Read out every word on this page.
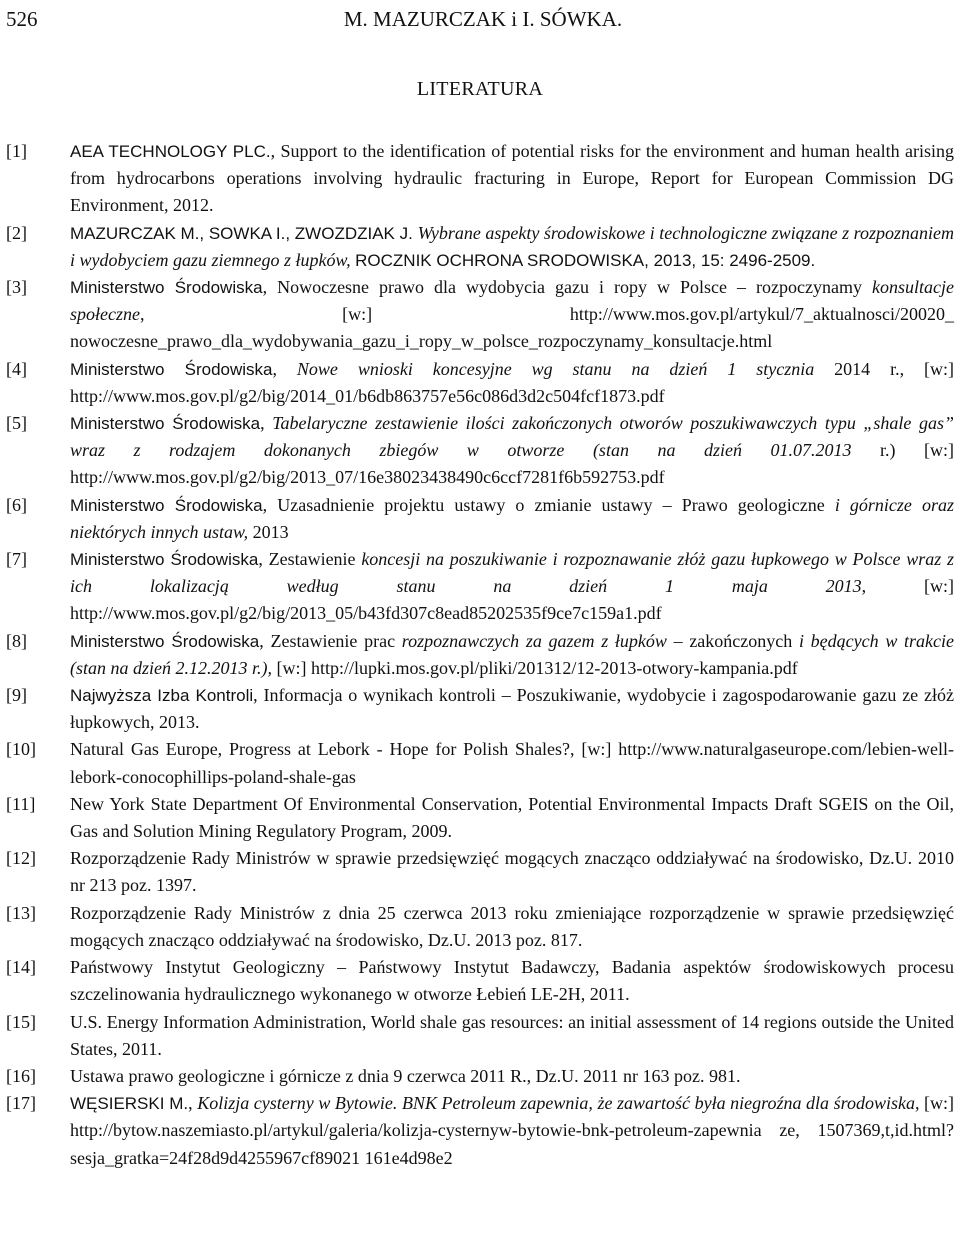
526	M. MAZURCZAK i I. SÓWKA.
LITERATURA
[1]	AEA TECHNOLOGY PLC., Support to the identification of potential risks for the environment and human health arising from hydrocarbons operations involving hydraulic fracturing in Europe, Report for European Commission DG Environment, 2012.
[2]	MAZURCZAK M., SOWKA I., ZWOZDZIAK J. Wybrane aspekty środowiskowe i technologiczne związane z rozpoznaniem i wydobyciem gazu ziemnego z łupków, ROCZNIK OCHRONA SRODOWISKA, 2013, 15: 2496-2509.
[3]	Ministerstwo Środowiska, Nowoczesne prawo dla wydobycia gazu i ropy w Polsce – rozpoczynamy konsultacje społeczne, [w:] http://www.mos.gov.pl/artykul/7_aktualnosci/20020_ nowoczesne_prawo_dla_wydobywania_gazu_i_ropy_w_polsce_rozpoczynamy_konsultacje.html
[4]	Ministerstwo Środowiska, Nowe wnioski koncesyjne wg stanu na dzień 1 stycznia 2014 r., [w:] http://www.mos.gov.pl/g2/big/2014_01/b6db863757e56c086d3d2c504fcf1873.pdf
[5]	Ministerstwo Środowiska, Tabelaryczne zestawienie ilości zakończonych otworów poszukiwawczych typu „shale gas” wraz z rodzajem dokonanych zbiegów w otworze (stan na dzień 01.07.2013 r.) [w:] http://www.mos.gov.pl/g2/big/2013_07/16e38023438490c6ccf7281f6b592753.pdf
[6]	Ministerstwo Środowiska, Uzasadnienie projektu ustawy o zmianie ustawy – Prawo geologiczne i górnicze oraz niektórych innych ustaw, 2013
[7]	Ministerstwo Środowiska, Zestawienie koncesji na poszukiwanie i rozpoznawanie złóż gazu łupkowego w Polsce wraz z ich lokalizacją według stanu na dzień 1 maja 2013, [w:] http://www.mos.gov.pl/g2/big/2013_05/b43fd307c8ead85202535f9ce7c159a1.pdf
[8]	Ministerstwo Środowiska, Zestawienie prac rozpoznawczych za gazem z łupków – zakończonych i będących w trakcie (stan na dzień 2.12.2013 r.), [w:] http://lupki.mos.gov.pl/pliki/201312/12-2013-otwory-kampania.pdf
[9]	Najwyższa Izba Kontroli, Informacja o wynikach kontroli – Poszukiwanie, wydobycie i zagospodarowanie gazu ze złóż łupkowych, 2013.
[10]	Natural Gas Europe, Progress at Lebork - Hope for Polish Shales?, [w:] http://www.naturalgaseurope.com/lebien-well-lebork-conocophillips-poland-shale-gas
[11]	New York State Department Of Environmental Conservation, Potential Environmental Impacts Draft SGEIS on the Oil, Gas and Solution Mining Regulatory Program, 2009.
[12]	Rozporządzenie Rady Ministrów w sprawie przedsięwzięć mogących znacząco oddziaływać na środowisko, Dz.U. 2010 nr 213 poz. 1397.
[13]	Rozporządzenie Rady Ministrów z dnia 25 czerwca 2013 roku zmieniające rozporządzenie w sprawie przedsięwzięć mogących znacząco oddziaływać na środowisko, Dz.U. 2013 poz. 817.
[14]	Państwowy Instytut Geologiczny – Państwowy Instytut Badawczy, Badania aspektów środowiskowych procesu szczelinowania hydraulicznego wykonanego w otworze Łebień LE-2H, 2011.
[15]	U.S. Energy Information Administration, World shale gas resources: an initial assessment of 14 regions outside the United States, 2011.
[16]	Ustawa prawo geologiczne i górnicze z dnia 9 czerwca 2011 R., Dz.U. 2011 nr 163 poz. 981.
[17]	WĘSIERSKI M., Kolizja cysterny w Bytowie. BNK Petroleum zapewnia, że zawartość była niegroźna dla środowiska, [w:] http://bytow.naszemiasto.pl/artykul/galeria/kolizja-cysternyw-bytowie-bnk-petroleum-zapewnia ze, 1507369,t,id.html?sesja_gratka=24f28d9d4255967cf89021 161e4d98e2
